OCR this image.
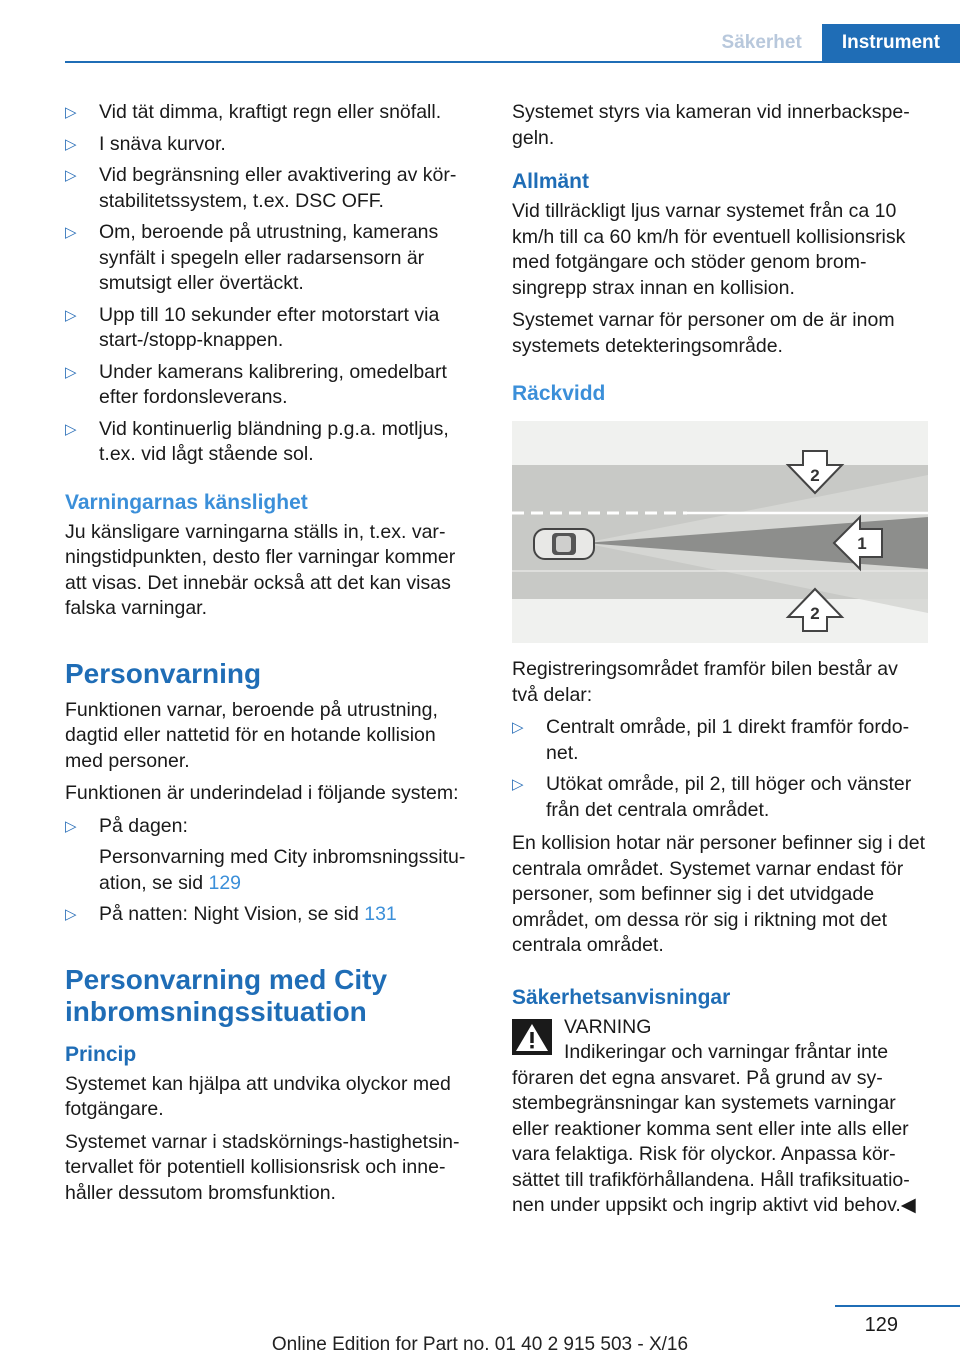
Säkerhet	Instrument
▷	Vid tät dimma, kraftigt regn eller snöfall.
▷	I snäva kurvor.
▷	Vid begränsning eller avaktivering av körstabilitetssystem, t.ex. DSC OFF.
▷	Om, beroende på utrustning, kamerans synfält i spegeln eller radarsensorn är smutsigt eller övertäckt.
▷	Upp till 10 sekunder efter motorstart via start-/stopp-knappen.
▷	Under kamerans kalibrering, omedelbart efter fordonsleverans.
▷	Vid kontinuerlig bländning p.g.a. motljus, t.ex. vid lågt stående sol.
Varningarnas känslighet

Ju känsligare varningarna ställs in, t.ex. varningstidpunkten, desto fler varningar kommer att visas. Det innebär också att det kan visas falska varningar.

Personvarning

Funktionen varnar, beroende på utrustning, dagtid eller nattetid för en hotande kollision med personer.

Funktionen är underindelad i följande system:

▷	På dagen:
Personvarning med City inbromsningssituation, se sid 129
▷	På natten: Night Vision, se sid 131
Personvarning med City inbromsningssituation
Princip

Systemet kan hjälpa att undvika olyckor med fotgängare.

Systemet varnar i stadskörnings-hastighetsintervallet för potentiell kollisionsrisk och innehåller dessutom bromsfunktion.

Systemet styrs via kameran vid innerbackspegeln.

Allmänt

Vid tillräckligt ljus varnar systemet från ca 10 km/h till ca 60 km/h för eventuell kollisionsrisk med fotgängare och stöder genom bromsingrepp strax innan en kollision.

Systemet varnar för personer om de är inom systemets detekteringsområde.

Räckvidd
2
1
2

Registreringsområdet framför bilen består av två delar:

▷	Centralt område, pil 1 direkt framför fordonet.
▷	Utökat område, pil 2, till höger och vänster från det centrala området.

En kollision hotar när personer befinner sig i det centrala området. Systemet varnar endast för personer, som befinner sig i det utvidgade området, om dessa rör sig i riktning mot det centrala området.

Säkerhetsanvisningar

VARNING

Indikeringar och varningar fråntar inte föraren det egna ansvaret. På grund av systembegränsningar kan systemets varningar eller reaktioner komma sent eller inte alls eller vara felaktiga. Risk för olyckor. Anpassa körsättet till trafikförhållandena. Håll trafiksituationen under uppsikt och ingrip aktivt vid behov.◀

129
Online Edition for Part no. 01 40 2 915 503 - X/16
